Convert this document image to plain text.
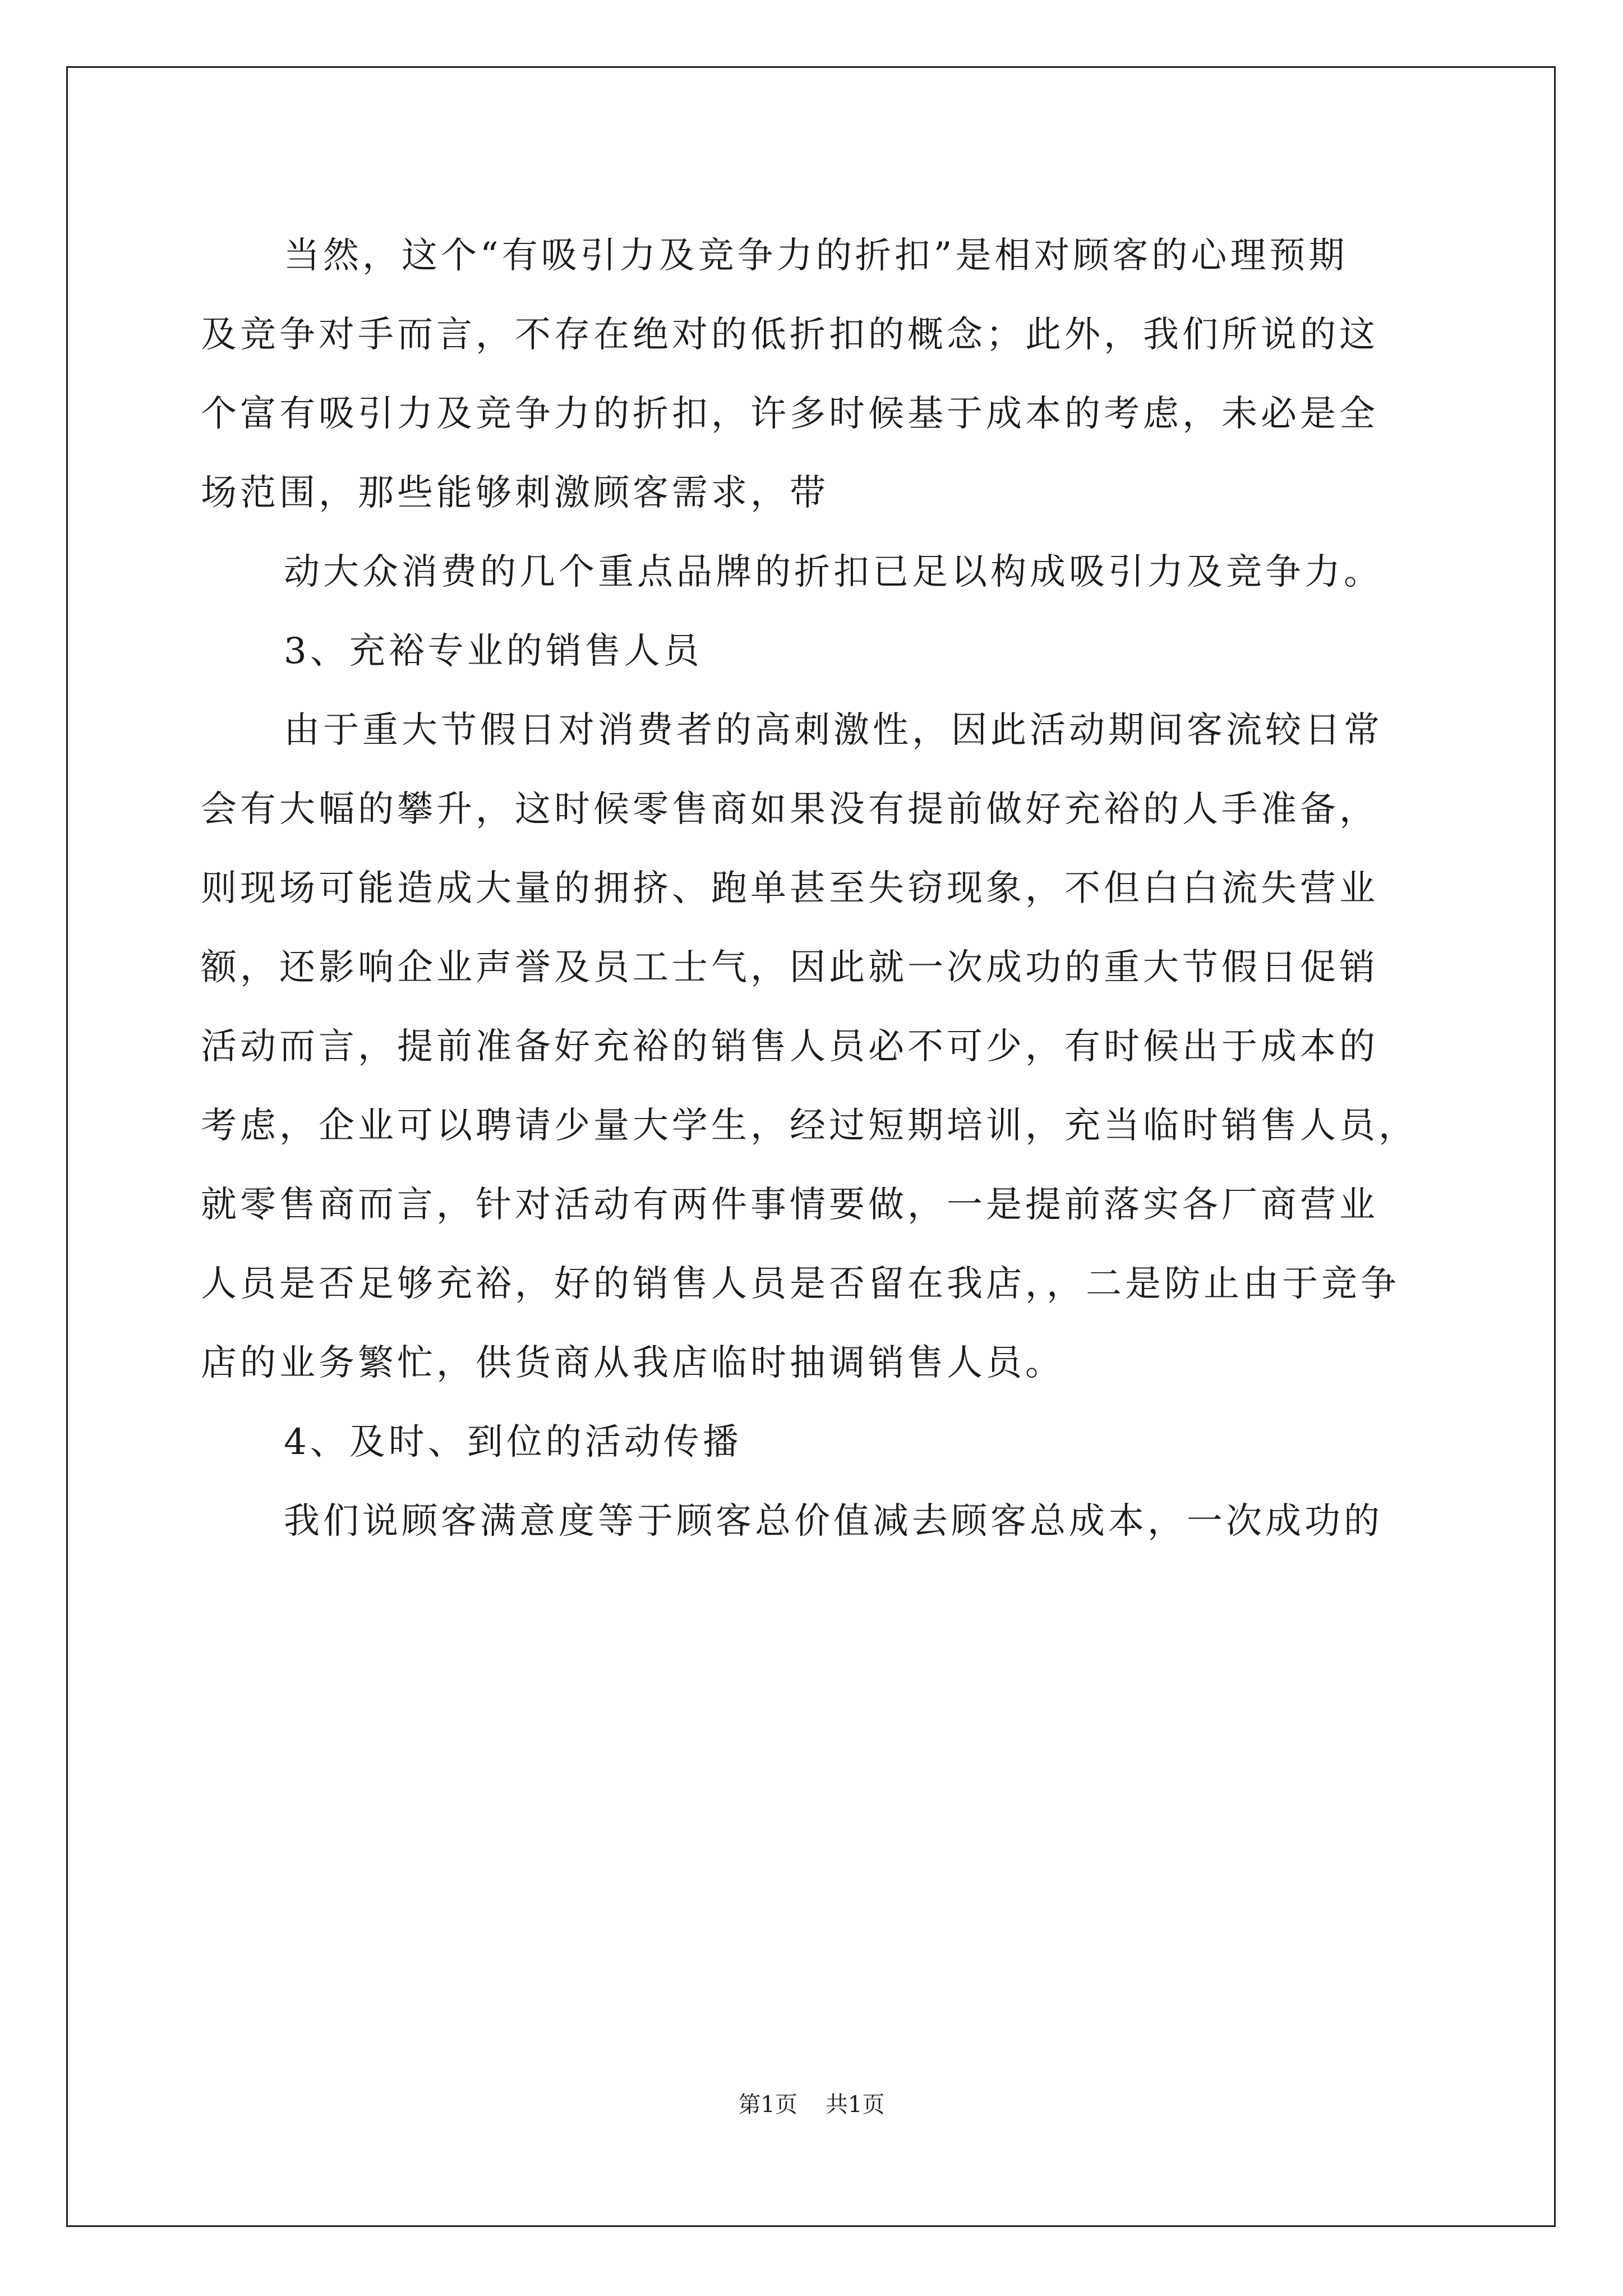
当然，这个“有吸引力及竞争力的折扣”是相对顾客的心理预期

及竞争对手而言，不存在绝对的低折扣的概念；此外，我们所说的这

个富有吸引力及竞争力的折扣，许多时候基于成本的考虑，未必是全

场范围，那些能够刺激顾客需求，带

动大众消费的几个重点品牌的折扣已足以构成吸引力及竞争力。

3、充裕专业的销售人员

由于重大节假日对消费者的高刺激性，因此活动期间客流较日常

会有大幅的攀升，这时候零售商如果没有提前做好充裕的人手准备，

则现场可能造成大量的拥挤、跑单甚至失窃现象，不但白白流失营业

额，还影响企业声誉及员工士气，因此就一次成功的重大节假日促销

活动而言，提前准备好充裕的销售人员必不可少，有时候出于成本的

考虑，企业可以聘请少量大学生，经过短期培训，充当临时销售人员，

就零售商而言，针对活动有两件事情要做，一是提前落实各厂商营业

人员是否足够充裕，好的销售人员是否留在我店，，二是防止由于竞争

店的业务繁忙，供货商从我店临时抽调销售人员。

4、及时、到位的活动传播

我们说顾客满意度等于顾客总价值减去顾客总成本，一次成功的

第1页 共1页
